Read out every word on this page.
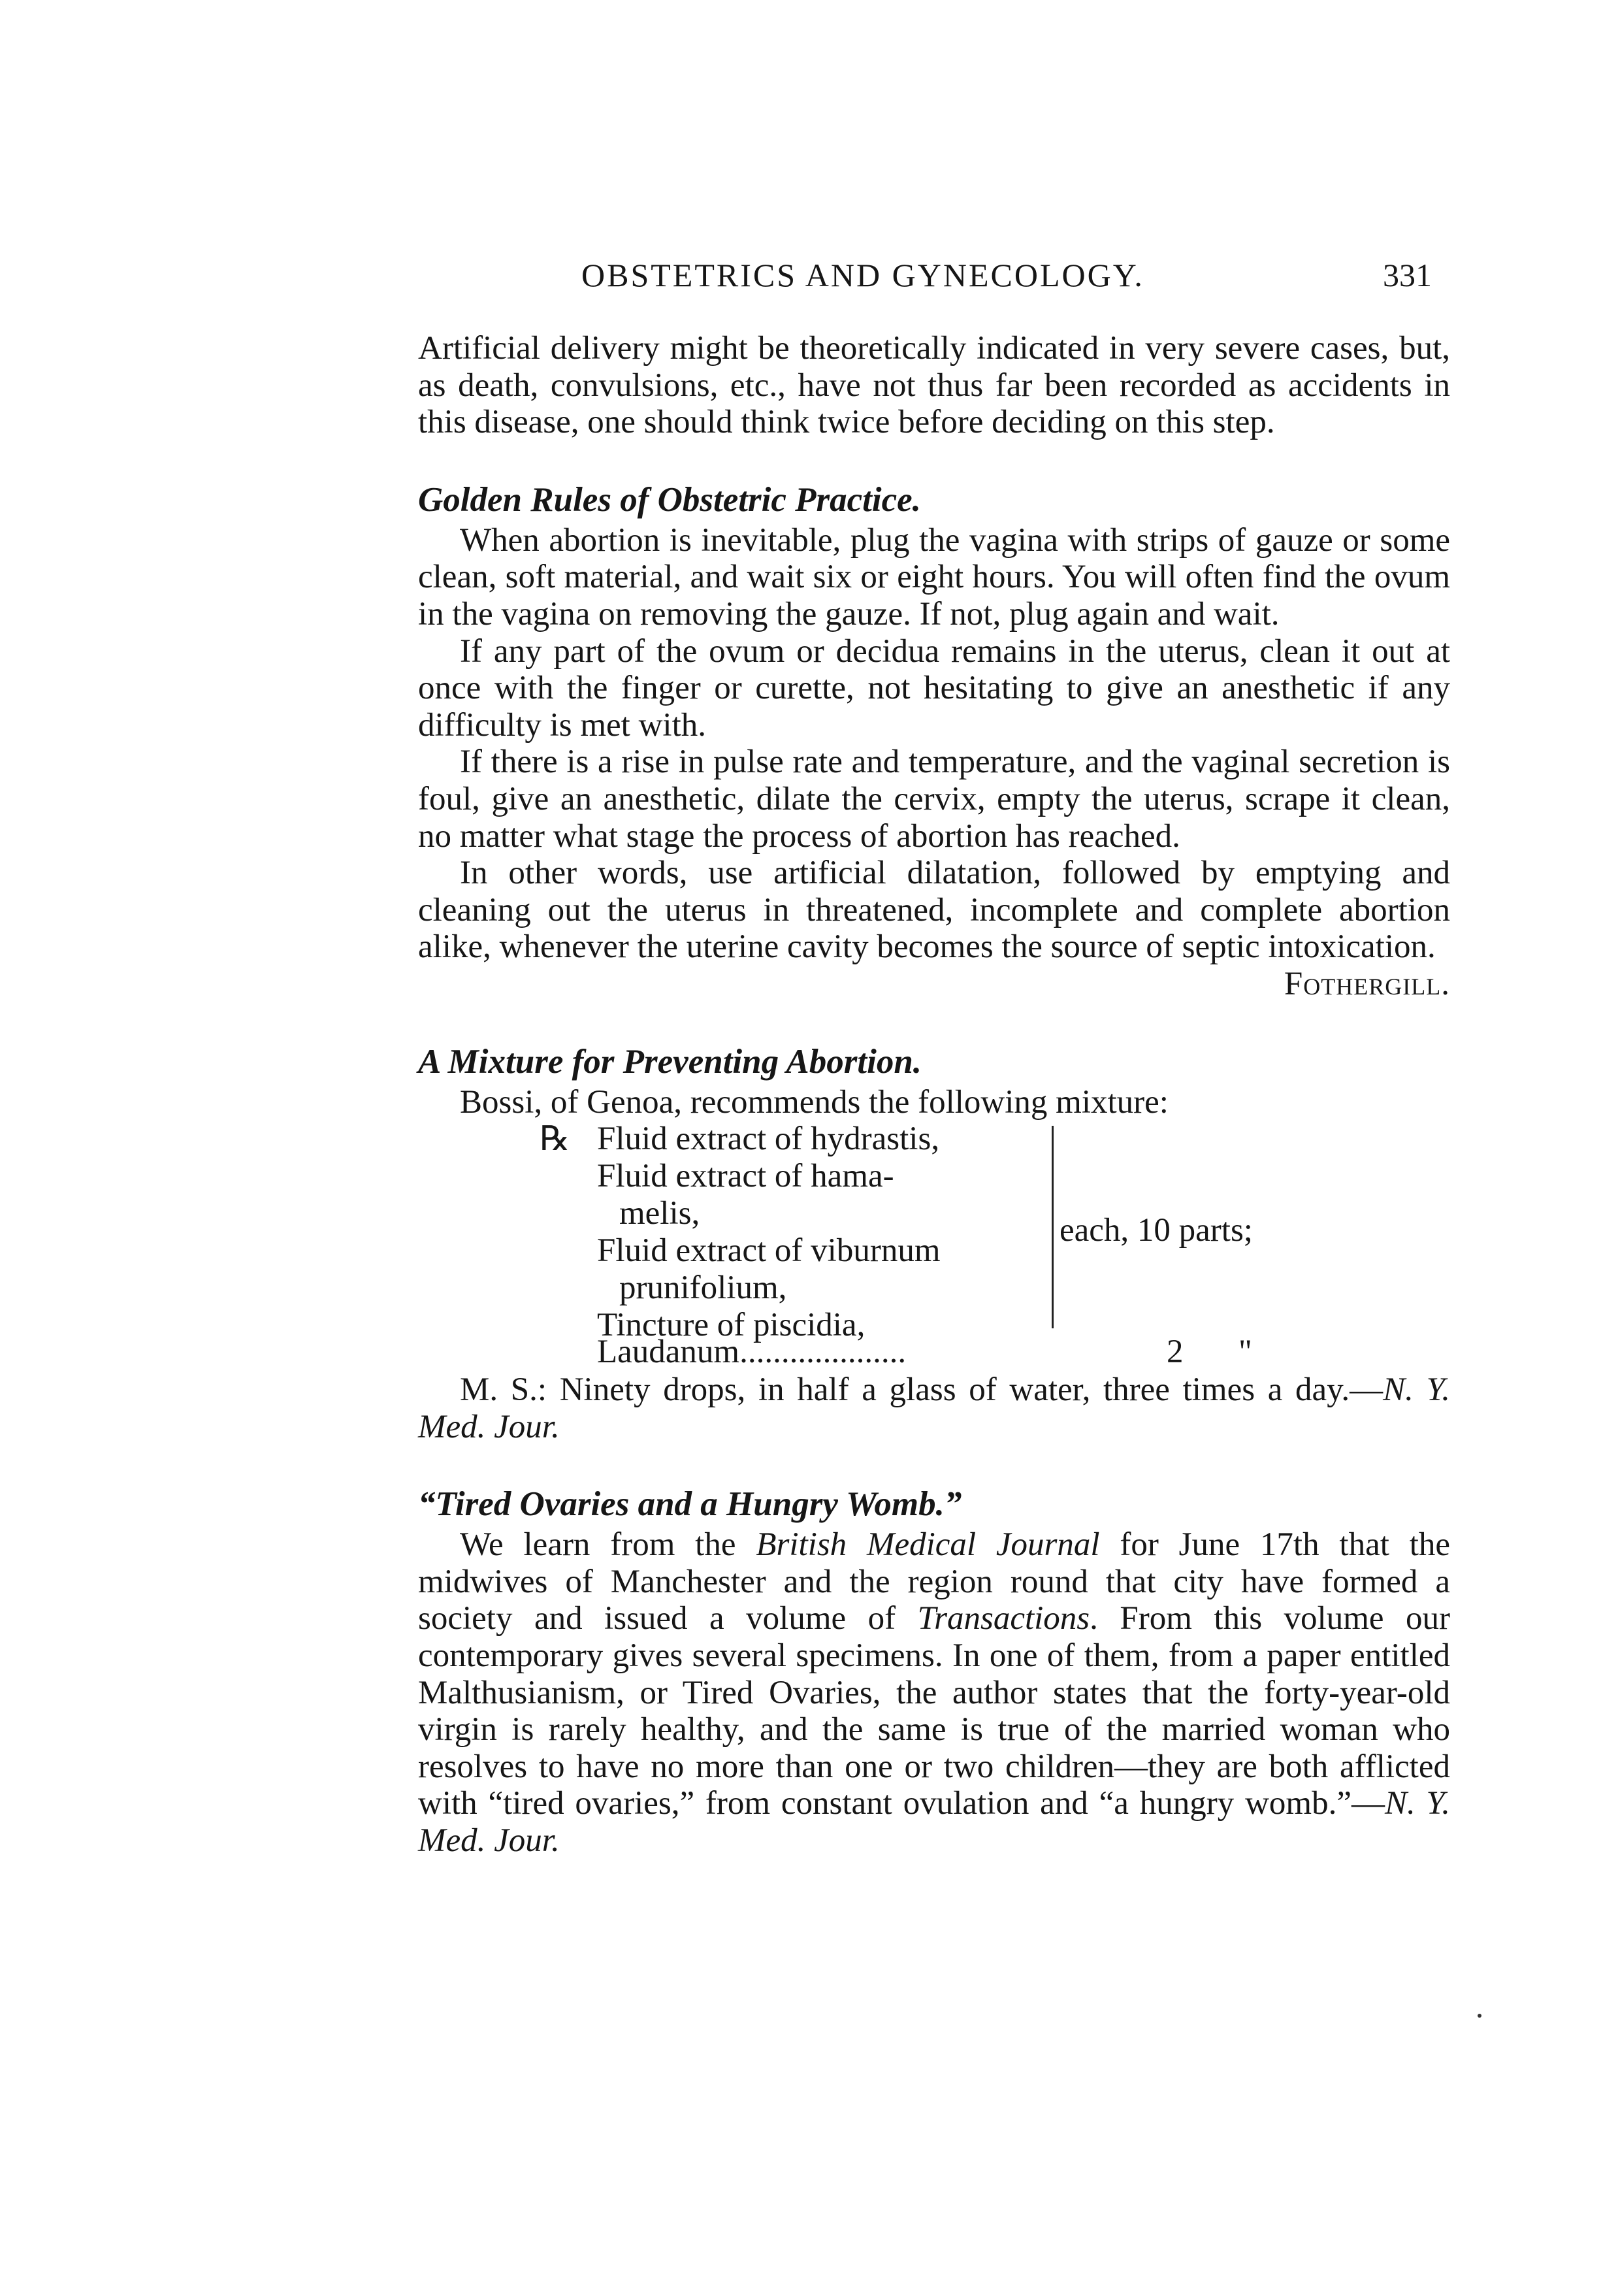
OBSTETRICS AND GYNECOLOGY.	331

Artificial delivery might be theoretically indicated in very severe cases, but, as death, convulsions, etc., have not thus far been recorded as accidents in this disease, one should think twice before deciding on this step.

Golden Rules of Obstetric Practice.

When abortion is inevitable, plug the vagina with strips of gauze or some clean, soft material, and wait six or eight hours. You will often find the ovum in the vagina on removing the gauze. If not, plug again and wait.

If any part of the ovum or decidua remains in the uterus, clean it out at once with the finger or curette, not hesitating to give an anesthetic if any difficulty is met with.

If there is a rise in pulse rate and temperature, and the vaginal secretion is foul, give an anesthetic, dilate the cervix, empty the uterus, scrape it clean, no matter what stage the process of abortion has reached.

In other words, use artificial dilatation, followed by emptying and cleaning out the uterus in threatened, incomplete and complete abortion alike, whenever the uterine cavity becomes the source of septic intoxication.
Fothergill.

A Mixture for Preventing Abortion.

Bossi, of Genoa, recommends the following mixture:

℞ Fluid extract of hydrastis,
Fluid extract of hama-
melis,
Fluid extract of viburnum
prunifolium,
Tincture of piscidia,
each, 10 parts;
Laudanum....................	2 "

M. S.: Ninety drops, in half a glass of water, three times a day.—N. Y. Med. Jour.

“Tired Ovaries and a Hungry Womb.”

We learn from the British Medical Journal for June 17th that the midwives of Manchester and the region round that city have formed a society and issued a volume of Transactions. From this volume our contemporary gives several specimens. In one of them, from a paper entitled Malthusianism, or Tired Ovaries, the author states that the forty-year-old virgin is rarely healthy, and the same is true of the married woman who resolves to have no more than one or two children—they are both afflicted with “tired ovaries,” from constant ovulation and “a hungry womb.”—N. Y. Med. Jour.
